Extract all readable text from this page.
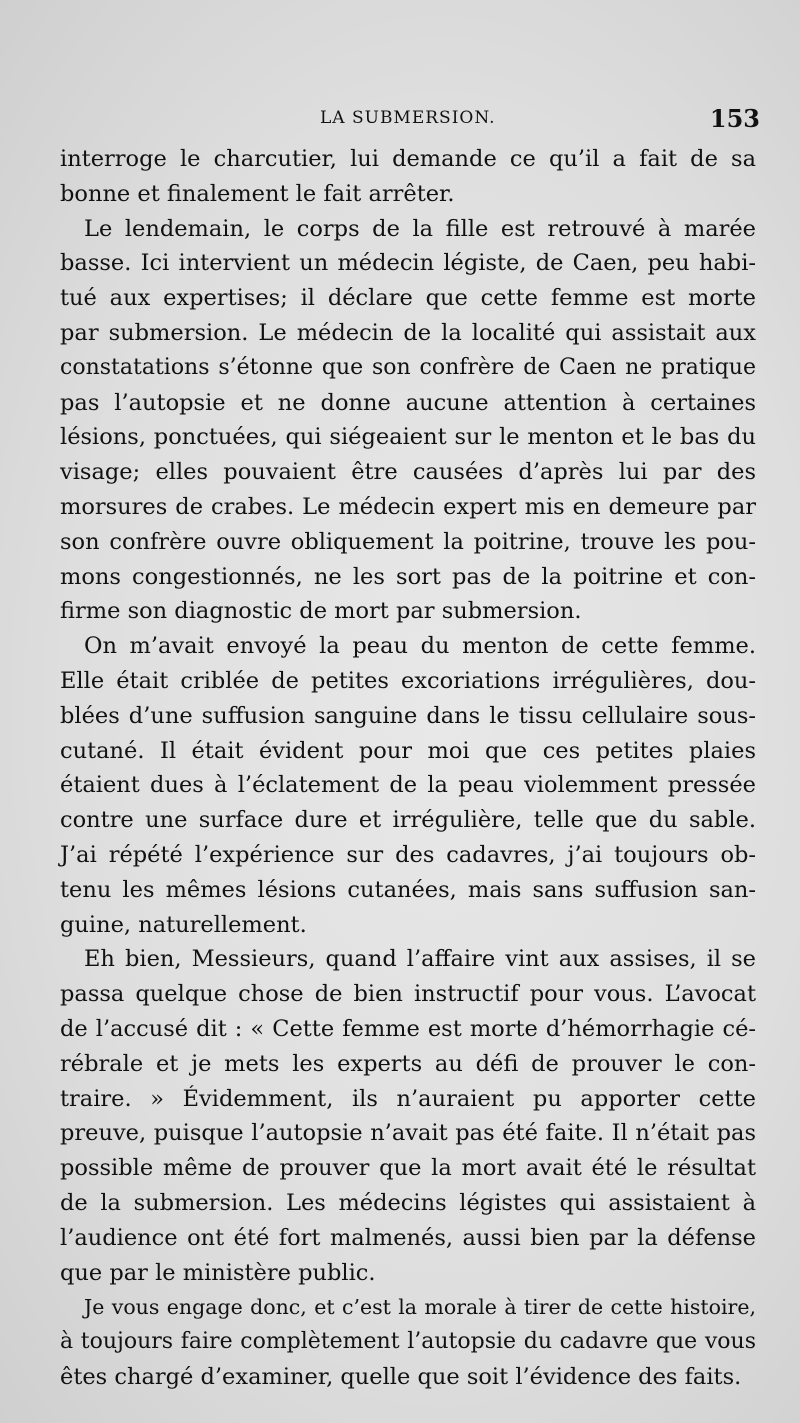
LA SUBMERSION.	153

interroge le charcutier, lui demande ce qu’il a fait de sa
bonne et finalement le fait arrêter.

Le lendemain, le corps de la fille est retrouvé à marée
basse. Ici intervient un médecin légiste, de Caen, peu habi-
tué aux expertises; il déclare que cette femme est morte
par submersion. Le médecin de la localité qui assistait aux
constatations s’étonne que son confrère de Caen ne pratique
pas l’autopsie et ne donne aucune attention à certaines
lésions, ponctuées, qui siégeaient sur le menton et le bas du
visage; elles pouvaient être causées d’après lui par des
morsures de crabes. Le médecin expert mis en demeure par
son confrère ouvre obliquement la poitrine, trouve les pou-
mons congestionnés, ne les sort pas de la poitrine et con-
firme son diagnostic de mort par submersion.

On m’avait envoyé la peau du menton de cette femme.
Elle était criblée de petites excoriations irrégulières, dou-
blées d’une suffusion sanguine dans le tissu cellulaire sous-
cutané. Il était évident pour moi que ces petites plaies
étaient dues à l’éclatement de la peau violemment pressée
contre une surface dure et irrégulière, telle que du sable.
J’ai répété l’expérience sur des cadavres, j’ai toujours ob-
tenu les mêmes lésions cutanées, mais sans suffusion san-
guine, naturellement.

Eh bien, Messieurs, quand l’affaire vint aux assises, il se
passa quelque chose de bien instructif pour vous. L’avocat
de l’accusé dit : « Cette femme est morte d’hémorrhagie cé-
rébrale et je mets les experts au défi de prouver le con-
traire. » Évidemment, ils n’auraient pu apporter cette
preuve, puisque l’autopsie n’avait pas été faite. Il n’était pas
possible même de prouver que la mort avait été le résultat
de la submersion. Les médecins légistes qui assistaient à
l’audience ont été fort malmenés, aussi bien par la défense
que par le ministère public.

Je vous engage donc, et c’est la morale à tirer de cette histoire,
à toujours faire complètement l’autopsie du cadavre que vous
êtes chargé d’examiner, quelle que soit l’évidence des faits.
